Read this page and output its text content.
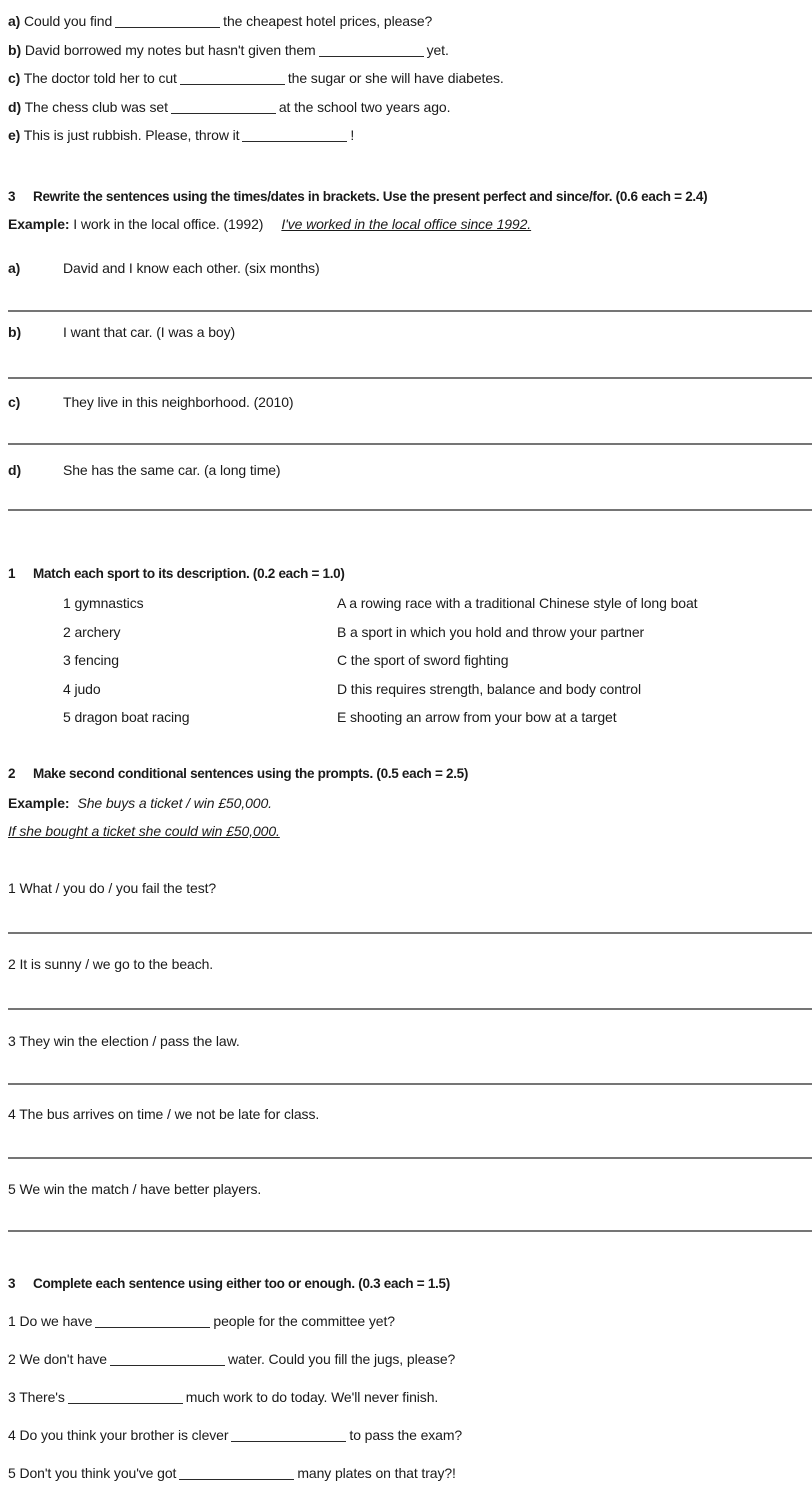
a) Could you find	the cheapest hotel prices, please?
b) David borrowed my notes but hasn't given them	yet.
c) The doctor told her to cut	the sugar or she will have diabetes.
d) The chess club was set	at the school two years ago.
e) This is just rubbish. Please, throw it	!
3 Rewrite the sentences using the times/dates in brackets. Use the present perfect and since/for. (0.6 each = 2.4)
Example: I work in the local office. (1992) I've worked in the local office since 1992.
a)	David and I know each other. (six months)
b)	I want that car. (I was a boy)
c)	They live in this neighborhood. (2010)
d)	She has the same car. (a long time)
1 Match each sport to its description. (0.2 each = 1.0)
1 gymnastics	A a rowing race with a traditional Chinese style of long boat
2 archery	B a sport in which you hold and throw your partner
3 fencing	C the sport of sword fighting
4 judo	D this requires strength, balance and body control
5 dragon boat racing	E shooting an arrow from your bow at a target
2 Make second conditional sentences using the prompts. (0.5 each = 2.5)
Example: She buys a ticket / win £50,000.
If she bought a ticket she could win £50,000.
1 What / you do / you fail the test?
2 It is sunny / we go to the beach.
3 They win the election / pass the law.
4 The bus arrives on time / we not be late for class.
5 We win the match / have better players.
3 Complete each sentence using either too or enough. (0.3 each = 1.5)
1 Do we have	people for the committee yet?
2 We don't have	water. Could you fill the jugs, please?
3 There's	much work to do today. We'll never finish.
4 Do you think your brother is clever	to pass the exam?
5 Don't you think you've got	many plates on that tray?!
